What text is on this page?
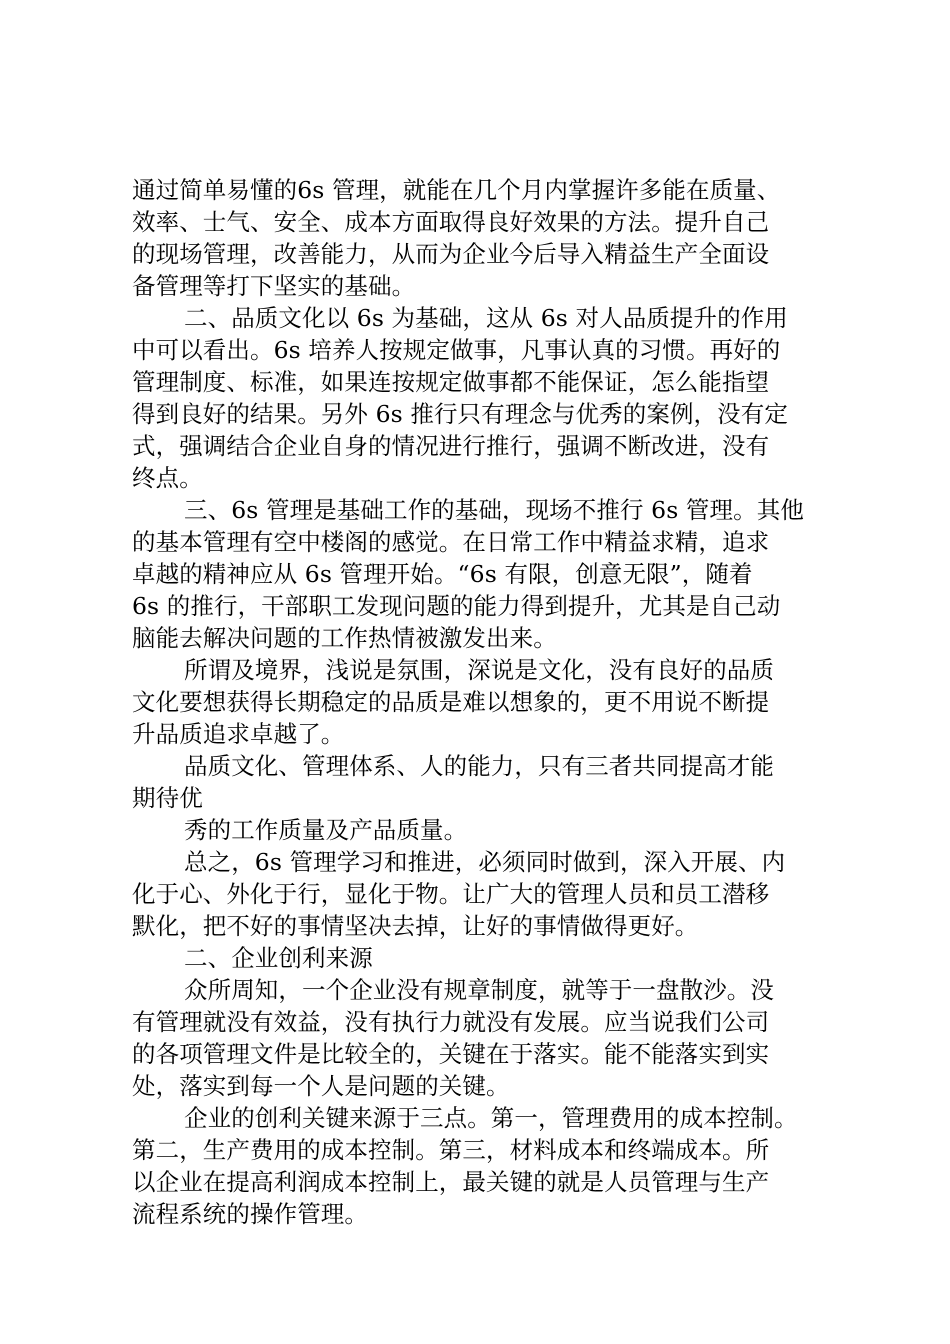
通过简单易懂的6s 管理，就能在几个月内掌握许多能在质量、
效率、士气、安全、成本方面取得良好效果的方法。提升自己
的现场管理，改善能力，从而为企业今后导入精益生产全面设
备管理等打下坚实的基础。
二、品质文化以 6s 为基础，这从 6s 对人品质提升的作用
中可以看出。6s 培养人按规定做事，凡事认真的习惯。再好的
管理制度、标准，如果连按规定做事都不能保证，怎么能指望
得到良好的结果。另外 6s 推行只有理念与优秀的案例，没有定
式，强调结合企业自身的情况进行推行，强调不断改进，没有
终点。
三、6s 管理是基础工作的基础，现场不推行 6s 管理。其他
的基本管理有空中楼阁的感觉。在日常工作中精益求精，追求
卓越的精神应从 6s 管理开始。“6s 有限，创意无限”，随着
6s 的推行，干部职工发现问题的能力得到提升，尤其是自己动
脑能去解决问题的工作热情被激发出来。
所谓及境界，浅说是氛围，深说是文化，没有良好的品质
文化要想获得长期稳定的品质是难以想象的，更不用说不断提
升品质追求卓越了。
品质文化、管理体系、人的能力，只有三者共同提高才能
期待优
秀的工作质量及产品质量。
总之，6s 管理学习和推进，必须同时做到，深入开展、内
化于心、外化于行，显化于物。让广大的管理人员和员工潜移
默化，把不好的事情坚决去掉，让好的事情做得更好。
二、企业创利来源
众所周知，一个企业没有规章制度，就等于一盘散沙。没
有管理就没有效益，没有执行力就没有发展。应当说我们公司
的各项管理文件是比较全的，关键在于落实。能不能落实到实
处，落实到每一个人是问题的关键。
企业的创利关键来源于三点。第一，管理费用的成本控制。
第二，生产费用的成本控制。第三，材料成本和终端成本。所
以企业在提高利润成本控制上，最关键的就是人员管理与生产
流程系统的操作管理。
